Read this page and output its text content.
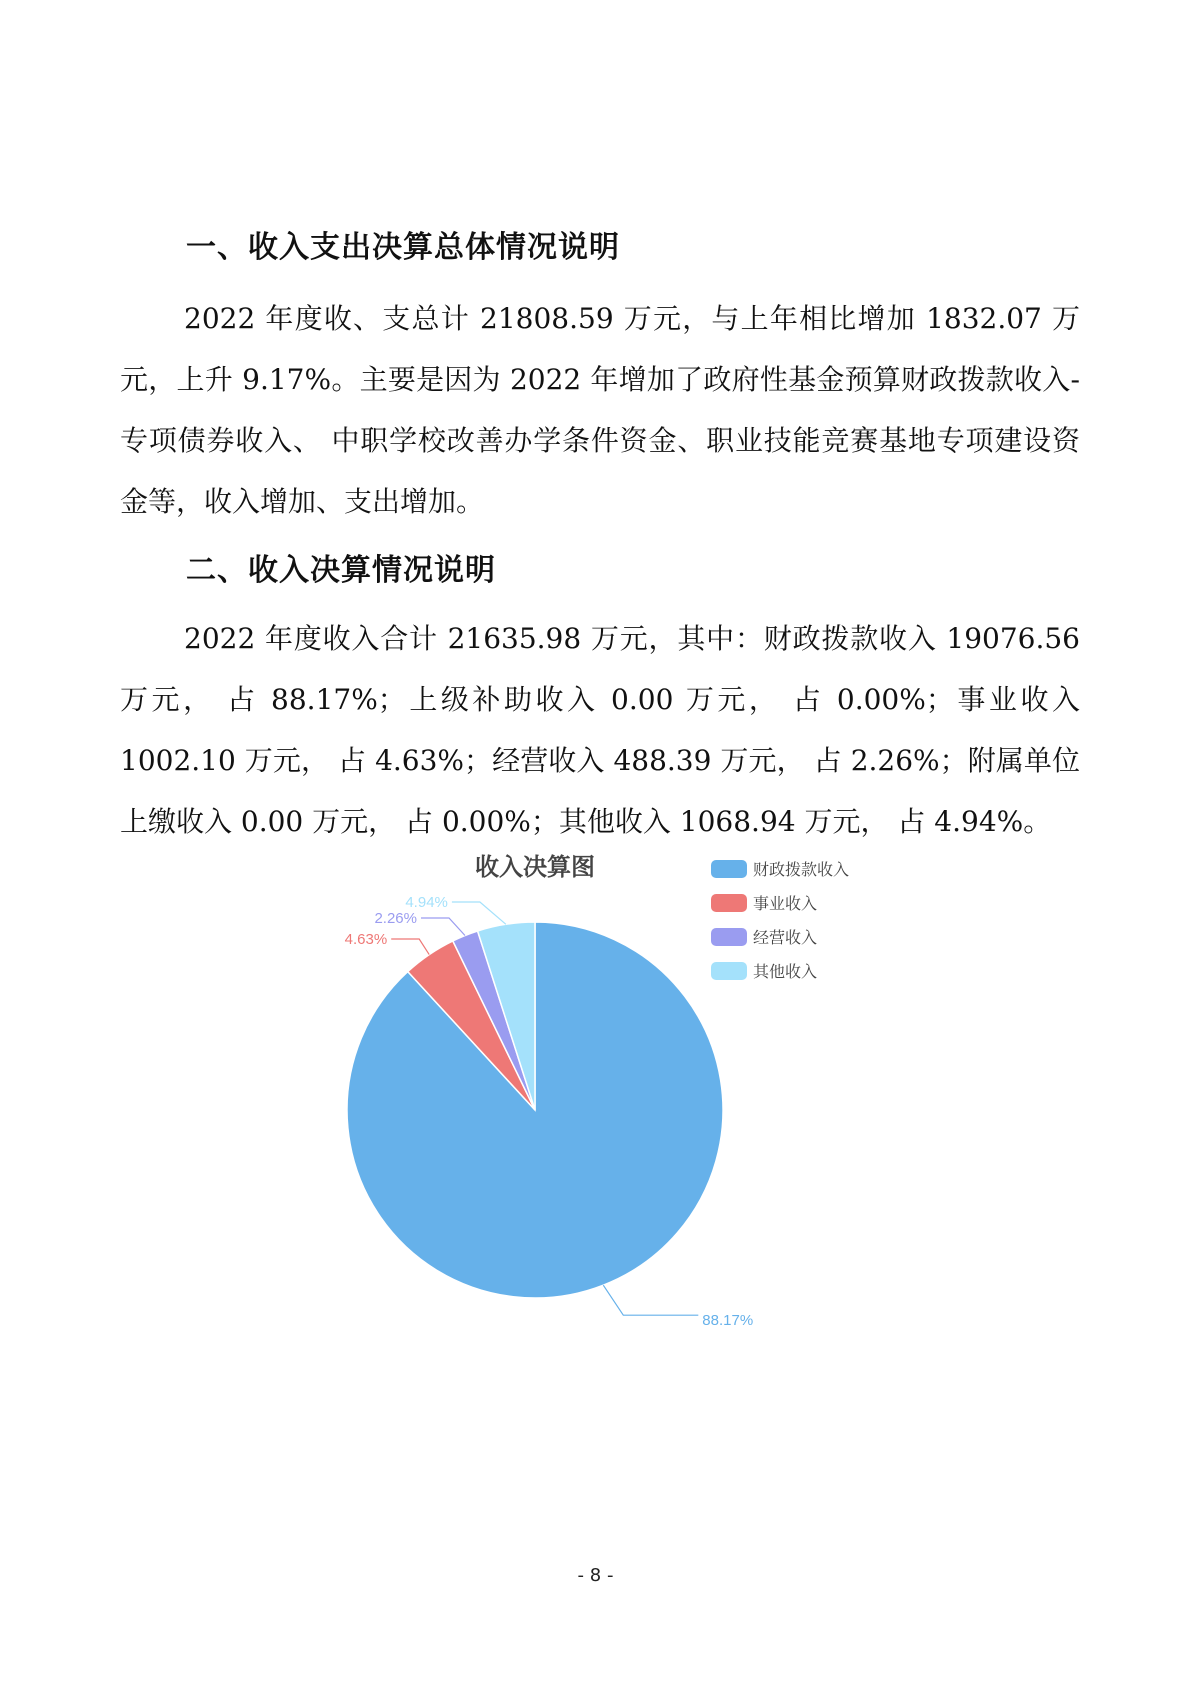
一、收入支出决算总体情况说明

2022 年度收、支总计 21808.59 万元，与上年相比增加 1832.07 万元，上升 9.17%。主要是因为 2022 年增加了政府性基金预算财政拨款收入-专项债券收入、 中职学校改善办学条件资金、职业技能竞赛基地专项建设资金等，收入增加、支出增加。

二、收入决算情况说明

2022 年度收入合计 21635.98 万元，其中：财政拨款收入 19076.56 万元， 占 88.17%；上级补助收入 0.00 万元， 占 0.00%；事业收入 1002.10 万元， 占 4.63%；经营收入 488.39 万元， 占 2.26%；附属单位上缴收入 0.00 万元， 占 0.00%；其他收入 1068.94 万元， 占 4.94%。

收入决算图	财政拨款收入
事业收入
经营收入
其他收入
88.17%
4.63%
2.26%
4.94%
- 8 -
